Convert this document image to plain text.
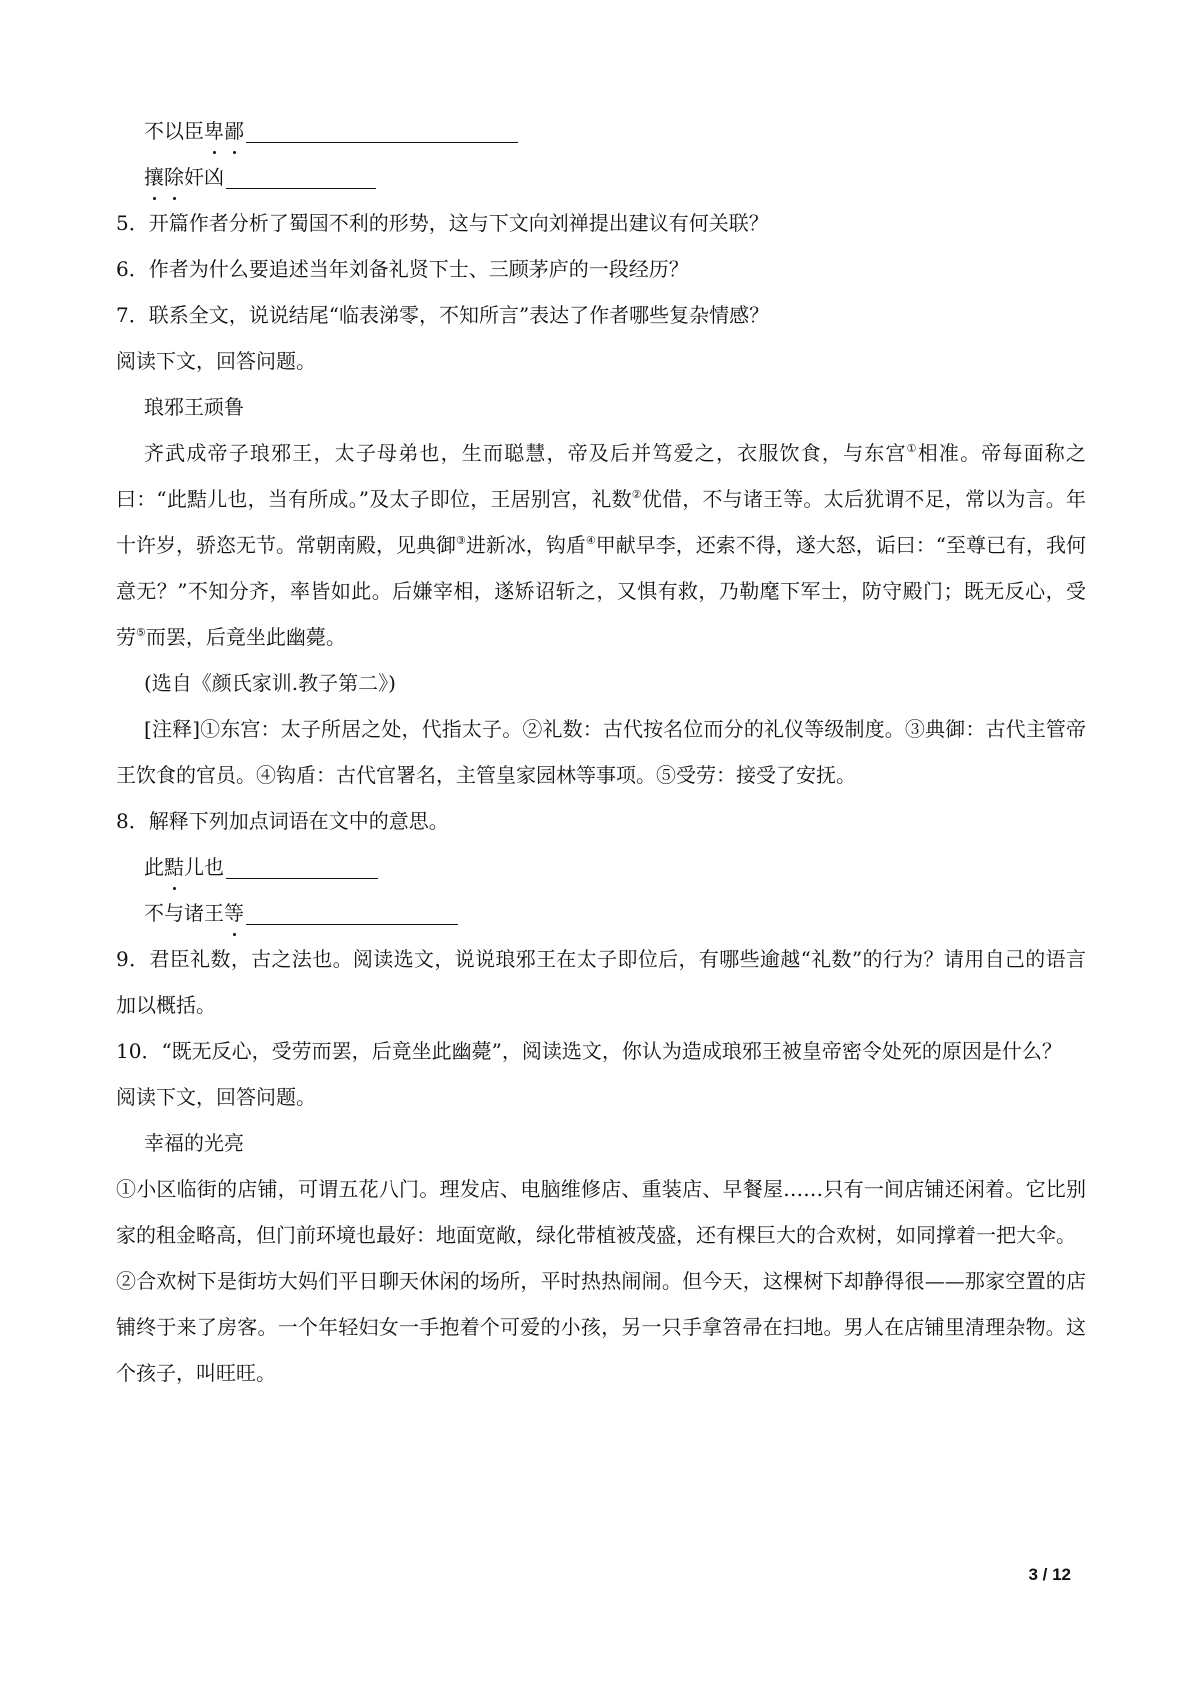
不以臣卑鄙
攘除奸凶

5．开篇作者分析了蜀国不利的形势，这与下文向刘禅提出建议有何关联？

6．作者为什么要追述当年刘备礼贤下士、三顾茅庐的一段经历？

7．联系全文，说说结尾“临表涕零，不知所言”表达了作者哪些复杂情感？

阅读下文，回答问题。

琅邪王顽鲁

齐武成帝子琅邪王，太子母弟也，生而聪慧，帝及后并笃爱之，衣服饮食，与东宫①相准。帝每面称之曰：“此黠儿也，当有所成。”及太子即位，王居别宫，礼数②优借，不与诸王等。太后犹谓不足，常以为言。年十许岁，骄恣无节。常朝南殿，见典御③进新冰，钩盾④甲献早李，还索不得，遂大怒，诟曰：“至尊已有，我何意无？”不知分齐，率皆如此。后嫌宰相，遂矫诏斩之，又惧有救，乃勒麾下军士，防守殿门；既无反心，受劳⑤而罢，后竟坐此幽薨。

(选自《颜氏家训.教子第二》)

[注释]①东宫：太子所居之处，代指太子。②礼数：古代按名位而分的礼仪等级制度。③典御：古代主管帝王饮食的官员。④钩盾：古代官署名，主管皇家园林等事项。⑤受劳：接受了安抚。

8．解释下列加点词语在文中的意思。

此黠儿也
不与诸王等

9．君臣礼数，古之法也。阅读选文，说说琅邪王在太子即位后，有哪些逾越“礼数”的行为？请用自己的语言加以概括。

10．“既无反心，受劳而罢，后竟坐此幽薨”，阅读选文，你认为造成琅邪王被皇帝密令处死的原因是什么？

阅读下文，回答问题。

幸福的光亮

①小区临街的店铺，可谓五花八门。理发店、电脑维修店、重装店、早餐屋……只有一间店铺还闲着。它比别家的租金略高，但门前环境也最好：地面宽敞，绿化带植被茂盛，还有棵巨大的合欢树，如同撑着一把大伞。

②合欢树下是街坊大妈们平日聊天休闲的场所，平时热热闹闹。但今天，这棵树下却静得很——那家空置的店铺终于来了房客。一个年轻妇女一手抱着个可爱的小孩，另一只手拿笤帚在扫地。男人在店铺里清理杂物。这个孩子，叫旺旺。

3 / 12
